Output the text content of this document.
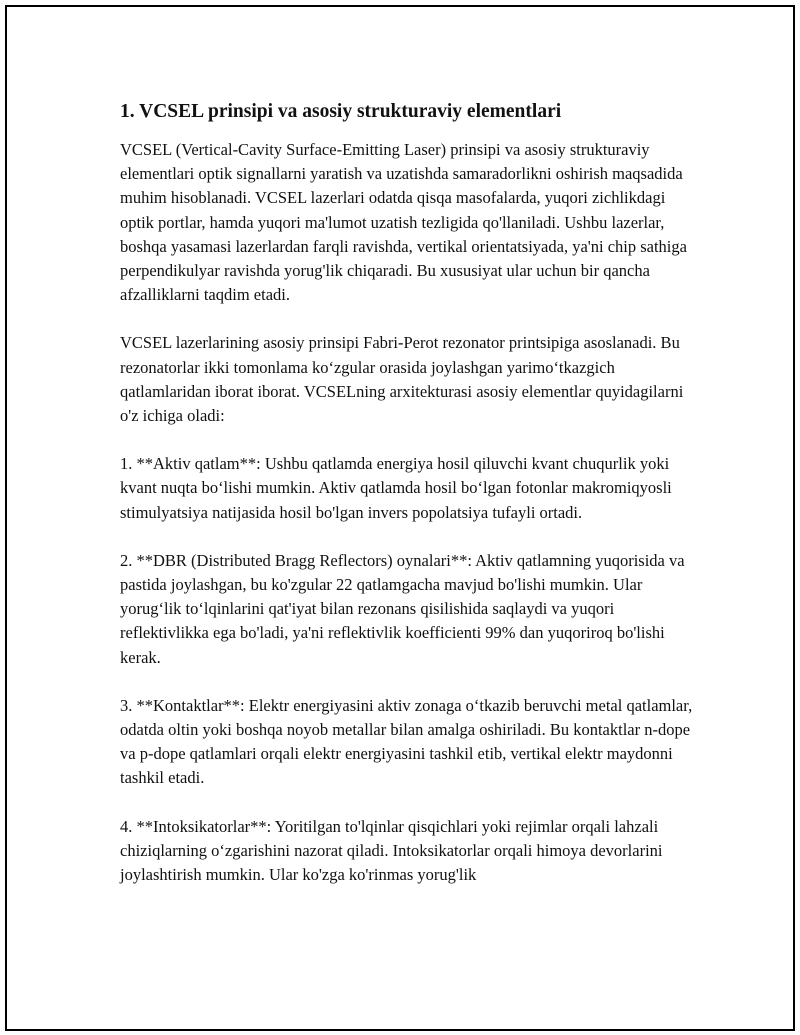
1. VCSEL prinsipi va asosiy strukturaviy elementlari

VCSEL (Vertical-Cavity Surface-Emitting Laser) prinsipi va asosiy strukturaviy elementlari optik signallarni yaratish va uzatishda samaradorlikni oshirish maqsadida muhim hisoblanadi. VCSEL lazerlari odatda qisqa masofalarda, yuqori zichlikdagi optik portlar, hamda yuqori ma'lumot uzatish tezligida qo'llaniladi. Ushbu lazerlar, boshqa yasamasi lazerlardan farqli ravishda, vertikal orientatsiyada, ya'ni chip sathiga perpendikulyar ravishda yorug'lik chiqaradi. Bu xususiyat ular uchun bir qancha afzalliklarni taqdim etadi.

VCSEL lazerlarining asosiy prinsipi Fabri-Perot rezonator printsipiga asoslanadi. Bu rezonatorlar ikki tomonlama ko‘zgular orasida joylashgan yarimo‘tkazgich qatlamlaridan iborat iborat. VCSELning arxitekturasi asosiy elementlar quyidagilarni o'z ichiga oladi:

1. **Aktiv qatlam**: Ushbu qatlamda energiya hosil qiluvchi kvant chuqurlik yoki kvant nuqta bo‘lishi mumkin. Aktiv qatlamda hosil bo‘lgan fotonlar makromiqyosli stimulyatsiya natijasida hosil bo'lgan invers popolatsiya tufayli ortadi.

2. **DBR (Distributed Bragg Reflectors) oynalari**: Aktiv qatlamning yuqorisida va pastida joylashgan, bu ko'zgular 22 qatlamgacha mavjud bo'lishi mumkin. Ular yorug‘lik to‘lqinlarini qat'iyat bilan rezonans qisilishida saqlaydi va yuqori reflektivlikka ega bo'ladi, ya'ni reflektivlik koefficienti 99% dan yuqoriroq bo'lishi kerak.

3. **Kontaktlar**: Elektr energiyasini aktiv zonaga o‘tkazib beruvchi metal qatlamlar, odatda oltin yoki boshqa noyob metallar bilan amalga oshiriladi. Bu kontaktlar n-dope va p-dope qatlamlari orqali elektr energiyasini tashkil etib, vertikal elektr maydonni tashkil etadi.

4. **Intoksikatorlar**: Yoritilgan to'lqinlar qisqichlari yoki rejimlar orqali lahzali chiziqlarning o‘zgarishini nazorat qiladi. Intoksikatorlar orqali himoya devorlarini joylashtirish mumkin. Ular ko'zga ko'rinmas yorug'lik
